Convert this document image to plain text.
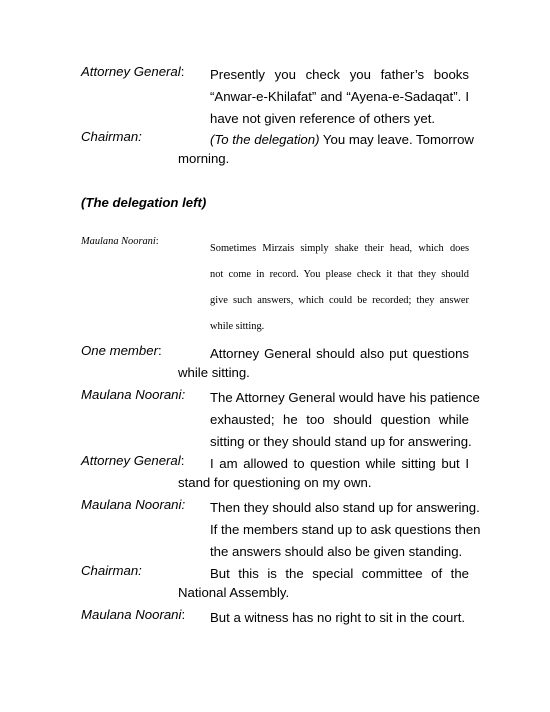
Attorney General: Presently you check you father’s books
“Anwar-e-Khilafat” and “Ayena-e-Sadaqat”. I
have not given reference of others yet.
Chairman:	(To the delegation) You may leave. Tomorrow
morning.
(The delegation left)
Maulana Noorani:
Sometimes Mirzais simply shake their head, which does
not come in record. You please check it that they should
give such answers, which could be recorded; they answer
while sitting.
One member:	Attorney General should also put questions
while sitting.
Maulana Noorani: The Attorney General would have his patience
exhausted; he too should question while
sitting or they should stand up for answering.
Attorney General: I am allowed to question while sitting but I
stand for questioning on my own.
Maulana Noorani: Then they should also stand up for answering.
If the members stand up to ask questions then
the answers should also be given standing.
Chairman:	But this is the special committee of the
National Assembly.
Maulana Noorani: But a witness has no right to sit in the court.
